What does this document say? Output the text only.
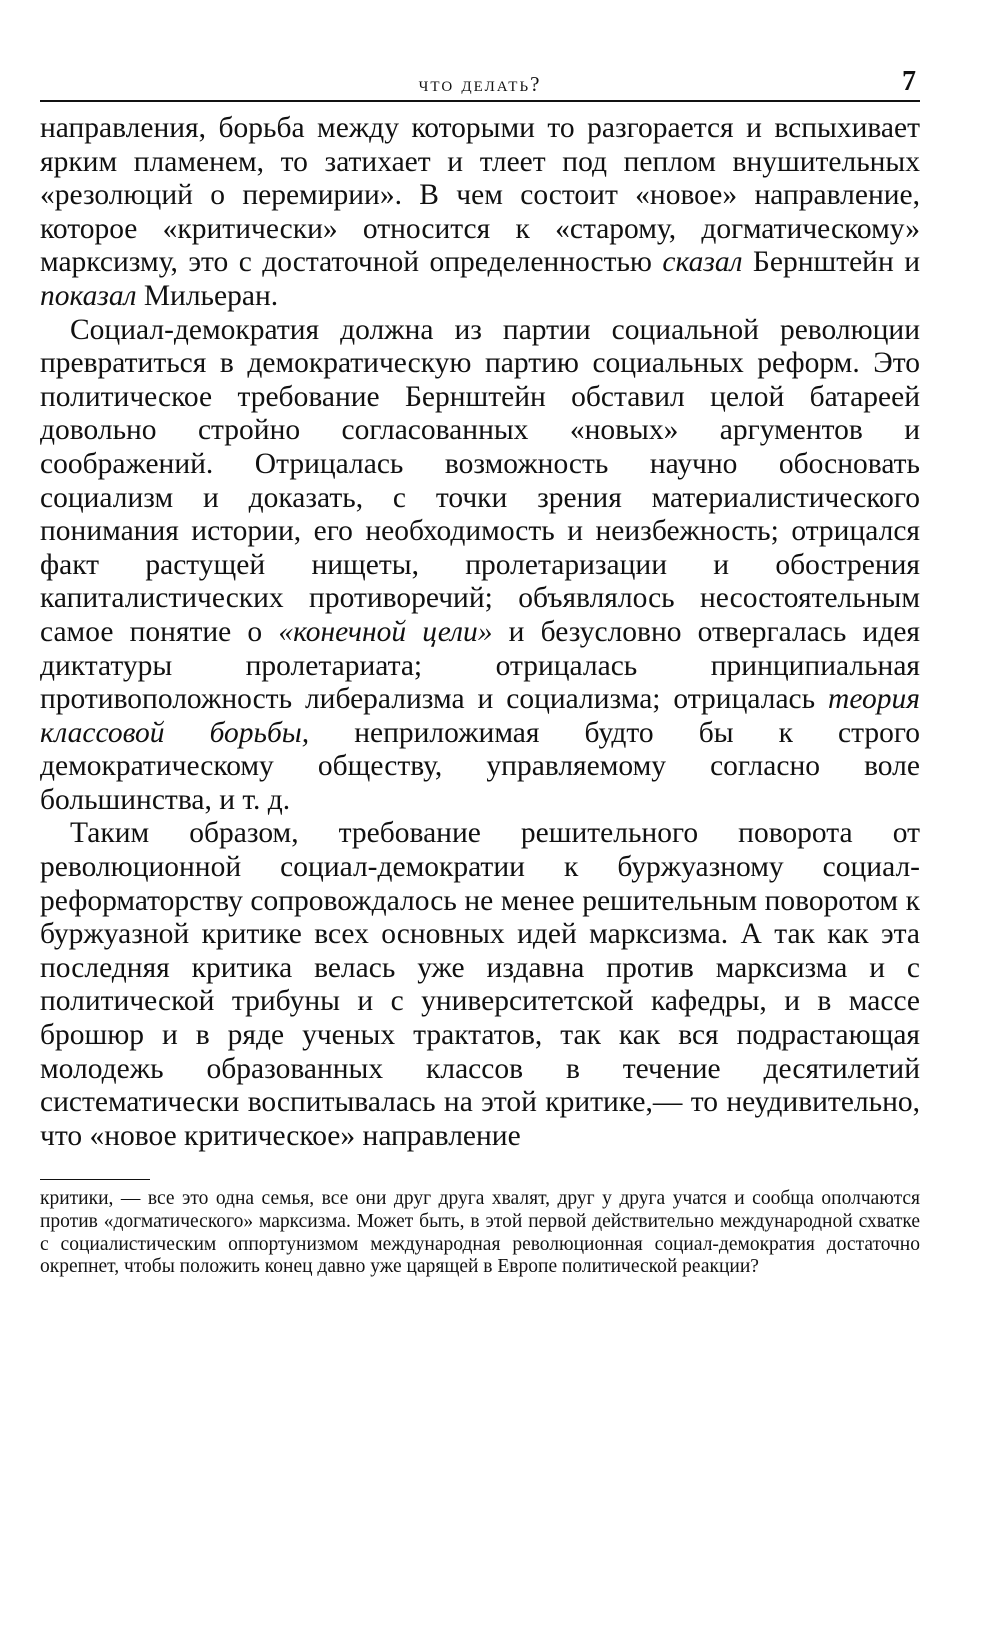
что делать?	7

направления, борьба между которыми то разгорается и вспыхивает ярким пламенем, то затихает и тлеет под пеплом внушительных «резолюций о перемирии». В чем состоит «новое» направление, которое «критически» относится к «старому, догматическому» марксизму, это с достаточной определенностью сказал Бернштейн и показал Мильеран.

Социал-демократия должна из партии социальной революции превратиться в демократическую партию социальных реформ. Это политическое требование Бернштейн обставил целой батареей довольно стройно согласованных «новых» аргументов и соображений. Отрицалась возможность научно обосновать социализм и доказать, с точки зрения материалистического понимания истории, его необходимость и неизбежность; отрицался факт растущей нищеты, пролетаризации и обострения капиталистических противоречий; объявлялось несостоятельным самое понятие о «конечной цели» и безусловно отвергалась идея диктатуры пролетариата; отрицалась принципиальная противоположность либерализма и социализма; отрицалась теория классовой борьбы, неприложимая будто бы к строго демократическому обществу, управляемому согласно воле большинства, и т. д.

Таким образом, требование решительного поворота от революционной социал-демократии к буржуазному социал-реформаторству сопровождалось не менее решительным поворотом к буржуазной критике всех основных идей марксизма. А так как эта последняя критика велась уже издавна против марксизма и с политической трибуны и с университетской кафедры, и в массе брошюр и в ряде ученых трактатов, так как вся подрастающая молодежь образованных классов в течение десятилетий систематически воспитывалась на этой критике,— то неудивительно, что «новое критическое» направление

критики, — все это одна семья, все они друг друга хвалят, друг у друга учатся и сообща ополчаются против «догматического» марксизма. Может быть, в этой первой действительно международной схватке с социалистическим оппортунизмом международная революционная социал-демократия достаточно окрепнет, чтобы положить конец давно уже царящей в Европе политической реакции?
